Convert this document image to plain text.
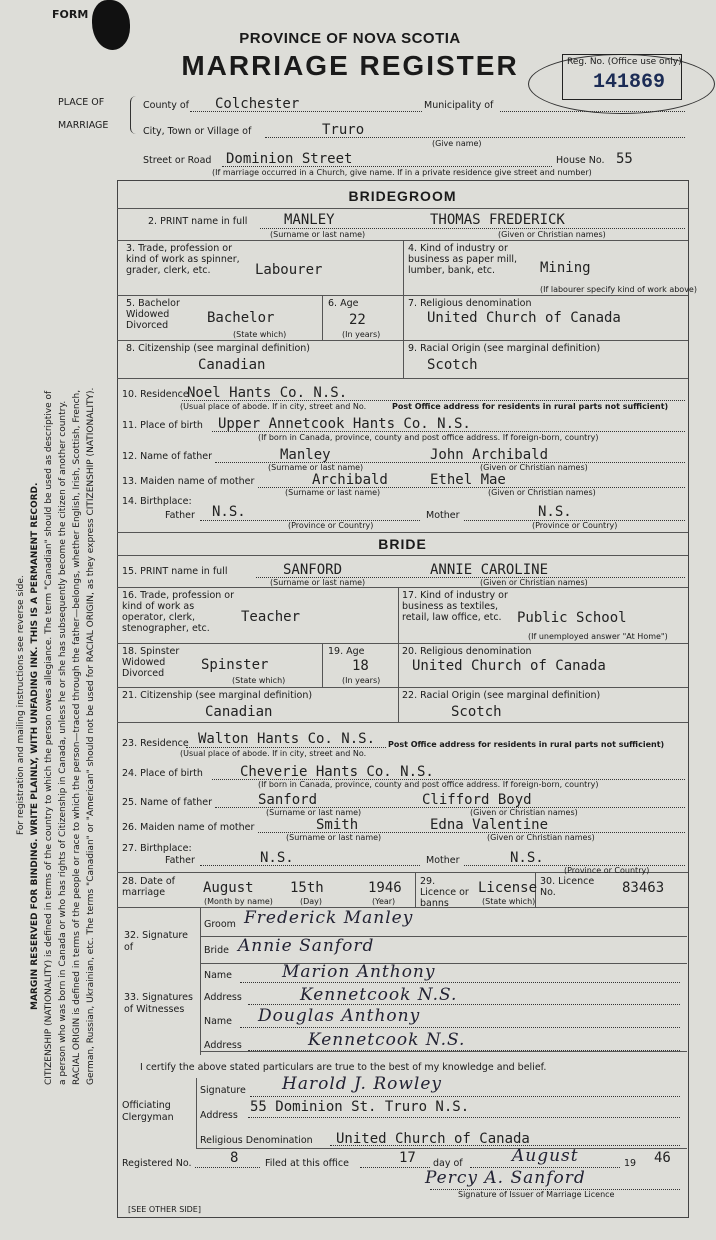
FORM
PROVINCE OF NOVA SCOTIA
MARRIAGE REGISTER	Reg. No. (Office use only)
141869
PLACE OF
MARRIAGE
County of Colchester	Municipality of
City, Town or Village of	Truro
(Give name)
Street or Road Dominion Street	House No. 55
(If marriage occurred in a Church, give name. If in a private residence give street and number)
For registration and mailing instructions see reverse side. MARGIN RESERVED FOR BINDING. WRITE PLAINLY, WITH UNFADING INK. THIS IS A PERMANENT RECORD. CITIZENSHIP (NATIONALITY) is defined in terms of the country to which the person owes allegiance. The term "Canadian" should be used as descriptive of a person who was born in Canada or who has rights of Citizenship in Canada, unless he or she has subsequently become the citizen of another country. RACIAL ORIGIN is defined in terms of the people or race to which the person—traced through the father—belongs, whether English, Irish, Scottish, French, German, Russian, Ukrainian, etc. The terms "Canadian" or "American" should not be used for RACIAL ORIGIN, as they express CITIZENSHIP (NATIONALITY).
BRIDEGROOM
2. PRINT name in full	MANLEY	THOMAS FREDERICK
(Surname or last name)	(Given or Christian names)
3. Trade, profession or kind of work as spinner, grader, clerk, etc.	Labourer
4. Kind of industry or business as paper mill, lumber, bank, etc.	Mining
(If labourer specify kind of work above)
5. Bachelor Widowed Divorced	Bachelor
(State which)
6. Age
22
(In years)
7. Religious denomination
United Church of Canada
8. Citizenship (see marginal definition)
Canadian
9. Racial Origin (see marginal definition)
Scotch
10. Residence
Noel Hants Co. N.S.
(Usual place of abode. If in city, street and No.	Post Office address for residents in rural parts not sufficient)
11. Place of birth Upper Annetcook Hants Co. N.S.
(If born in Canada, province, county and post office address. If foreign-born, country)
12. Name of father	Manley	John Archibald
(Surname or last name)	(Given or Christian names)
13. Maiden name of mother	Archibald	Ethel Mae
(Surname or last name)	(Given or Christian names)
14. Birthplace:
Father N.S.
(Province or Country)
Mother	N.S.
(Province or Country)
BRIDE
15. PRINT name in full	SANFORD	ANNIE CAROLINE
(Surname or last name)	(Given or Christian names)
16. Trade, profession or kind of work as operator, clerk, stenographer, etc.
Teacher
17. Kind of industry or business as textiles, retail, law office, etc.	Public School
(If unemployed answer "At Home")
18. Spinster Widowed Divorced
Spinster
(State which)
19. Age
18
(In years)
20. Religious denomination
United Church of Canada
21. Citizenship (see marginal definition)
Canadian
22. Racial Origin (see marginal definition)
Scotch
23. Residence Walton Hants Co. N.S. Post Office address for residents in rural parts not sufficient)
(Usual place of abode. If in city, street and No.
24. Place of birth	Cheverie Hants Co. N.S.
(If born in Canada, province, county and post office address. If foreign-born, country)
25. Name of father	Sanford	Clifford Boyd
(Surname or last name)	(Given or Christian names)
26. Maiden name of mother	Smith	Edna Valentine
(Surname or last name)	(Given or Christian names)
27. Birthplace:
Father	N.S.	Mother	N.S.
(Province or Country)
28. Date of marriage	August	15th	1946
(Month by name)	(Day)	(Year)
29. Licence or banns
License
(State which)
30. Licence No.	83463
32. Signature of
Groom Frederick Manley
Bride Annie Sanford
33. Signatures of Witnesses
Name	Marion Anthony
Address	Kennetcook N.S.
Name Douglas Anthony
Address	Kennetcook N.S.
I certify the above stated particulars are true to the best of my knowledge and belief.
Officiating Clergyman
Signature Harold J. Rowley
Address
55 Dominion St. Truro N.S.
Religious Denomination United Church of Canada
Registered No.	8	Filed at this office	17 day of	August	19 46
Percy A. Sanford
Signature of Issuer of Marriage Licence
[SEE OTHER SIDE]
